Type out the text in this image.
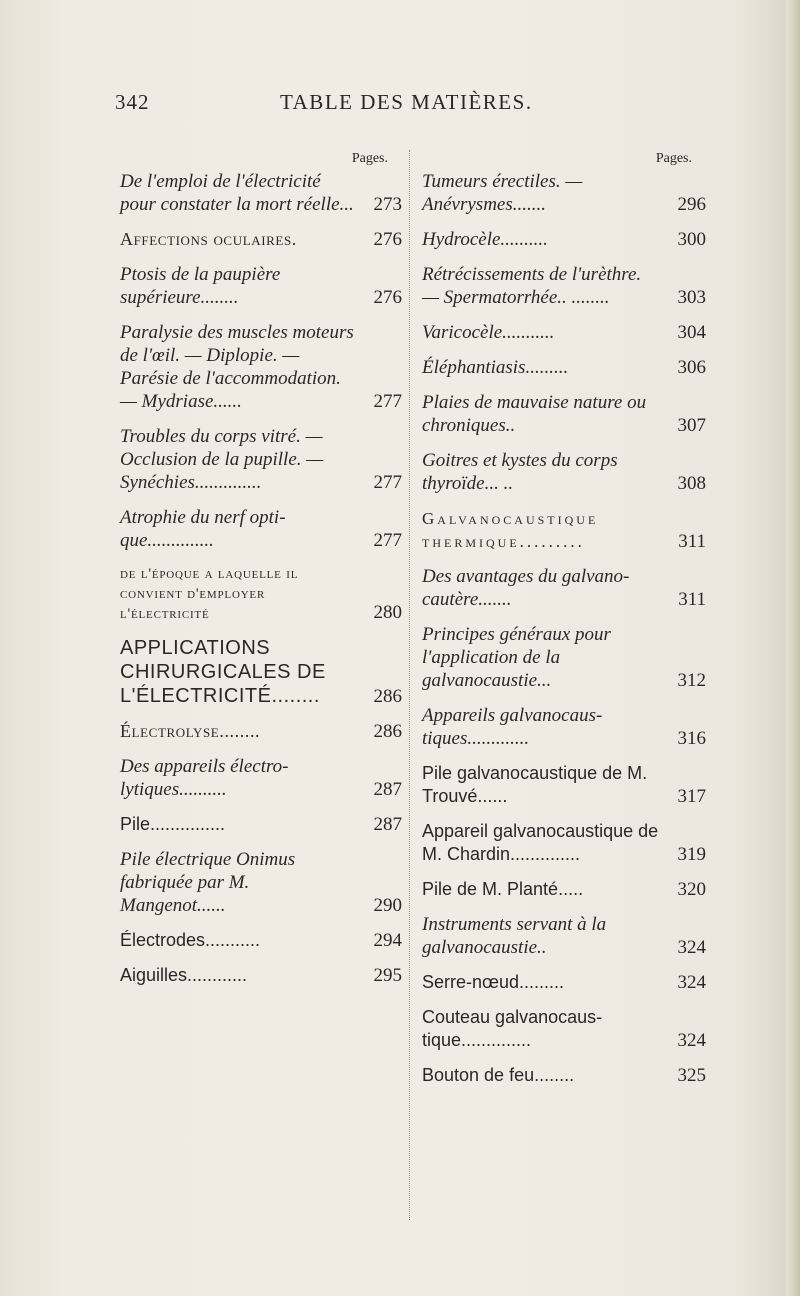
342	TABLE DES MATIÈRES.
Pages.
De l'emploi de l'électricité pour constater la mort réelle...	273
Affections oculaires.	276
Ptosis de la paupière supérieure........	276
Paralysie des muscles moteurs de l'œil. — Diplopie. — Parésie de l'accommodation. — Mydriase......	277
Troubles du corps vitré. — Occlusion de la pupille. — Synéchies..............	277
Atrophie du nerf optique..............	277
de l'époque a laquelle il convient d'employer l'électricité	280
APPLICATIONS CHIRURGICALES DE L'ÉLECTRICITÉ........	286
Électrolyse........	286
Des appareils électrolytiques..........	287
Pile...............	287
Pile électrique Onimus fabriquée par M. Mangenot......	290
Électrodes...........	294
Aiguilles............	295
Pages.
Tumeurs érectiles. — Anévrysmes.......	296
Hydrocèle..........	300
Rétrécissements de l'urèthre. — Spermatorrhée.. ........	303
Varicocèle...........	304
Éléphantiasis.........	306
Plaies de mauvaise nature ou chroniques..	307
Goitres et kystes du corps thyroïde... ..	308
Galvanocaustique thermique.........	311
Des avantages du galvano-cautère.......	311
Principes généraux pour l'application de la galvanocaustie...	312
Appareils galvanocaustiques.............	316
Pile galvanocaustique de M. Trouvé......	317
Appareil galvanocaustique de M. Chardin..............	319
Pile de M. Planté.....	320
Instruments servant à la galvanocaustie..	324
Serre-nœud.........	324
Couteau galvanocaustique..............	324
Bouton de feu........	325
